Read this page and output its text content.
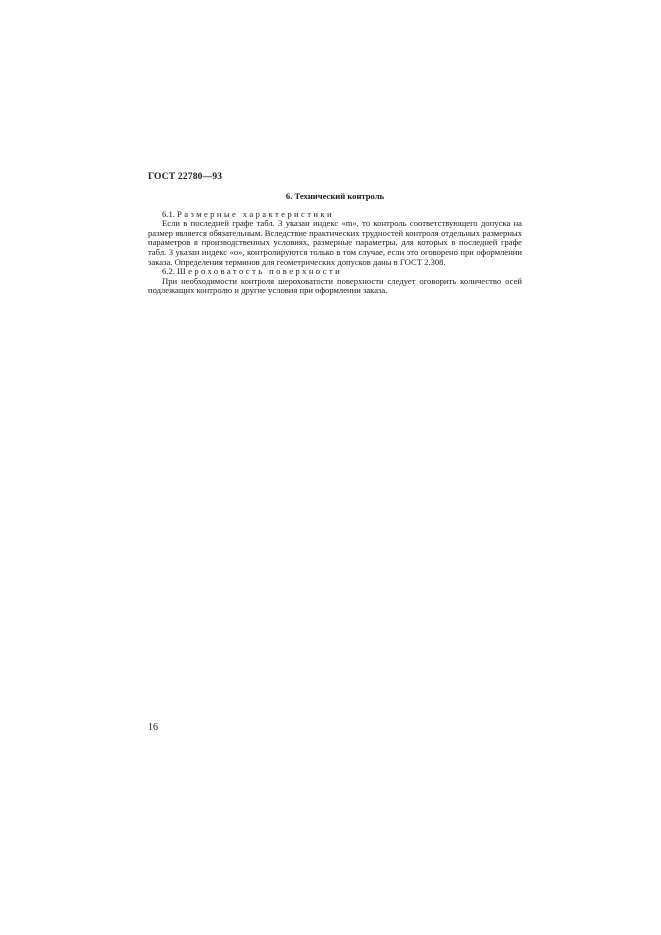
ГОСТ 22780—93

6. Технический контроль

6.1. Размерные характеристики

Если в последней графе табл. 3 указан индекс «m», то контроль соответствующего допуска на размер является обязательным. Вследствие практических трудностей контроля отдельных размерных параметров в производственных условиях, размерные параметры, для которых в последней графе табл. 3 указан индекс «о», контролируются только в том случае, если это оговорено при оформлении заказа. Определения терминов для геометрических допусков даны в ГОСТ 2.308.

6.2. Шероховатость поверхности

При необходимости контроля шероховатости поверхности следует оговорить количество осей подлежащих контролю и другие условия при оформлении заказа.

16
